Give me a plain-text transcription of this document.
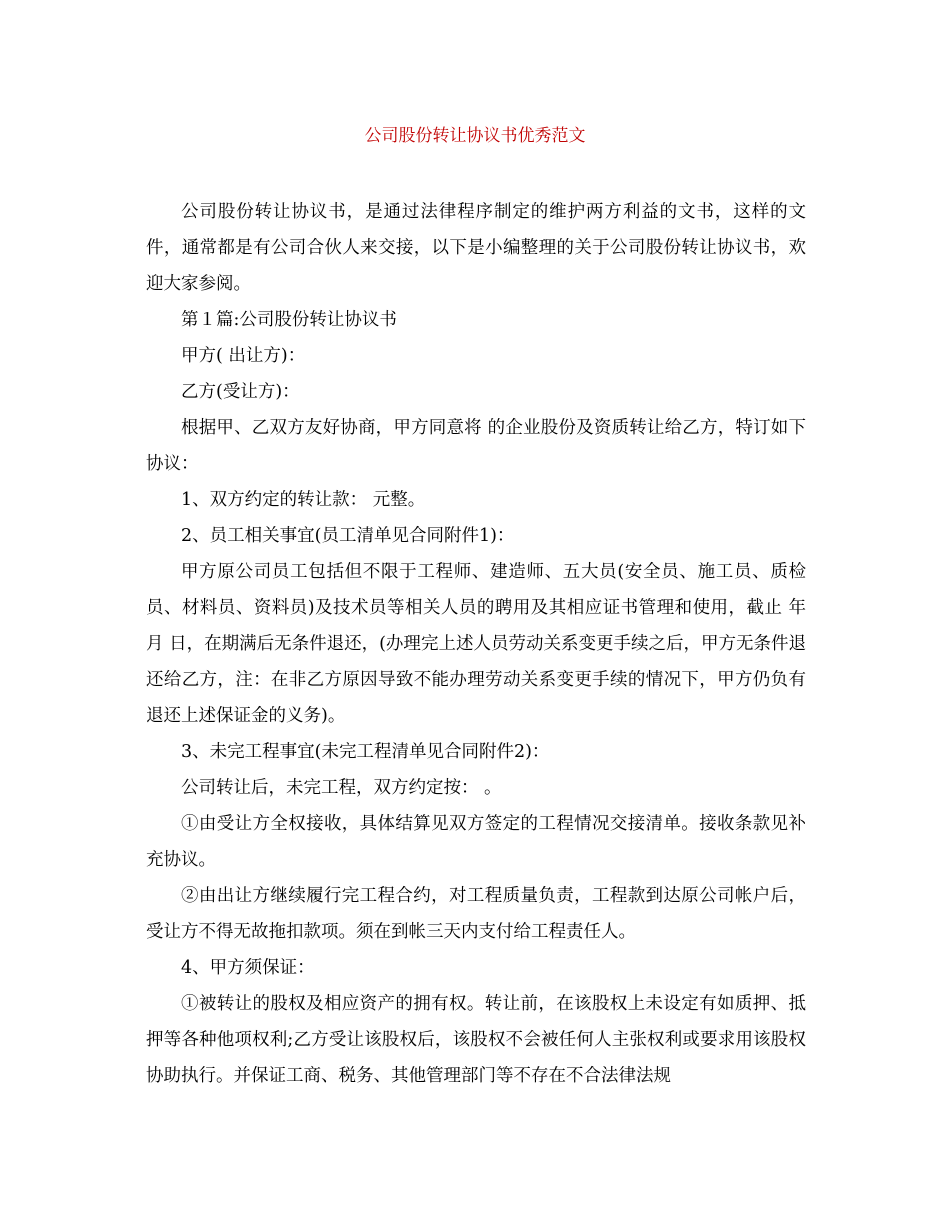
公司股份转让协议书优秀范文

公司股份转让协议书，是通过法律程序制定的维护两方利益的文书，这样的文件，通常都是有公司合伙人来交接，以下是小编整理的关于公司股份转让协议书，欢迎大家参阅。

第１篇:公司股份转让协议书

甲方( 出让方)：

乙方(受让方)：

根据甲、乙双方友好协商，甲方同意将 的企业股份及资质转让给乙方，特订如下协议：

1、双方约定的转让款： 元整。

2、员工相关事宜(员工清单见合同附件1)：

甲方原公司员工包括但不限于工程师、建造师、五大员(安全员、施工员、质检员、材料员、资料员)及技术员等相关人员的聘用及其相应证书管理和使用，截止 年 月 日，在期满后无条件退还，(办理完上述人员劳动关系变更手续之后，甲方无条件退还给乙方，注：在非乙方原因导致不能办理劳动关系变更手续的情况下，甲方仍负有退还上述保证金的义务)。

3、未完工程事宜(未完工程清单见合同附件2)：

公司转让后，未完工程，双方约定按： 。

①由受让方全权接收，具体结算见双方签定的工程情况交接清单。接收条款见补充协议。

②由出让方继续履行完工程合约，对工程质量负责，工程款到达原公司帐户后，受让方不得无故拖扣款项。须在到帐三天内支付给工程责任人。

4、甲方须保证：

①被转让的股权及相应资产的拥有权。转让前，在该股权上未设定有如质押、抵押等各种他项权利;乙方受让该股权后，该股权不会被任何人主张权利或要求用该股权协助执行。并保证工商、税务、其他管理部门等不存在不合法律法规
